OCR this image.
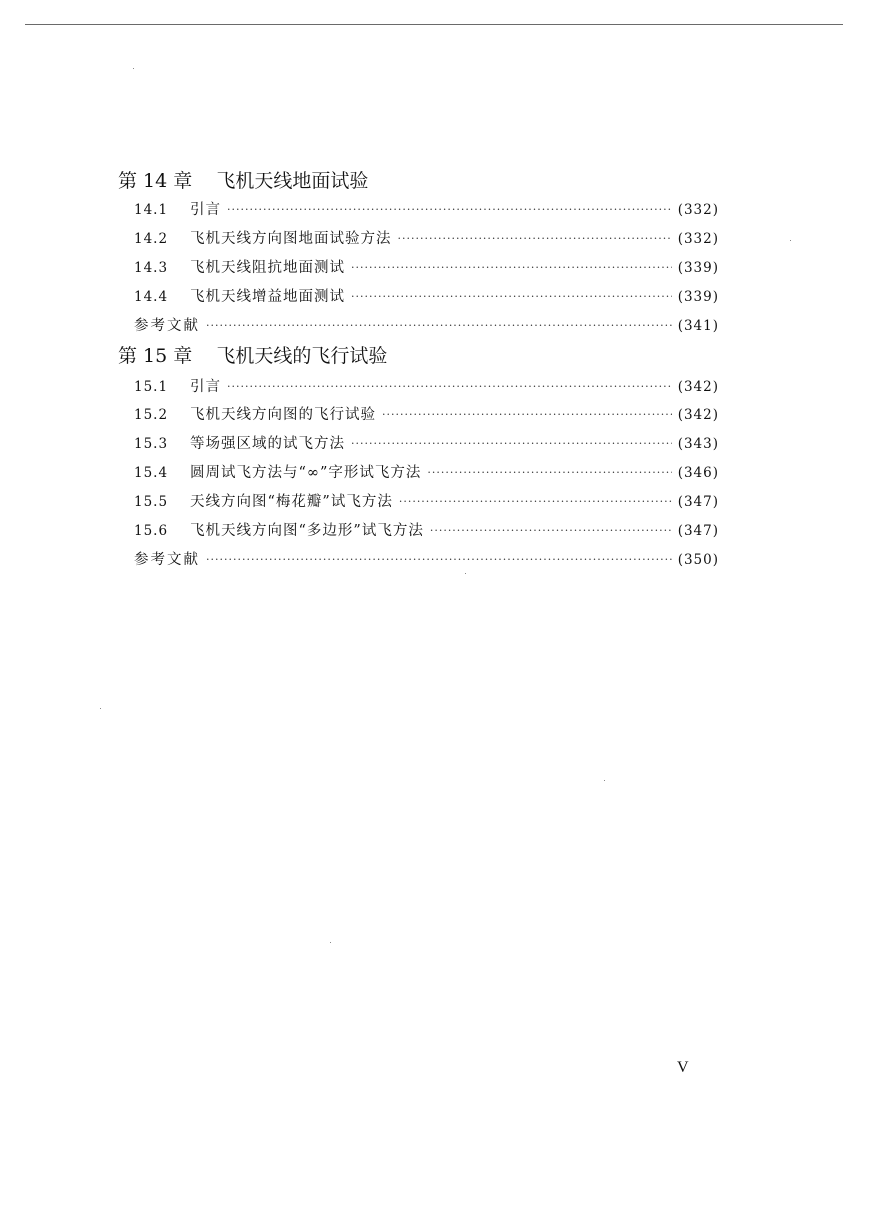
第 14 章 飞机天线地面试验
14.1	引言 ·····	(332)
14.2	飞机天线方向图地面试验方法 ·····	(332)
14.3	飞机天线阻抗地面测试 ·····	(339)
14.4	飞机天线增益地面测试 ·····	(339)
参考文献 ·····	(341)
第 15 章 飞机天线的飞行试验
15.1	引言 ·····	(342)
15.2	飞机天线方向图的飞行试验 ·····	(342)
15.3	等场强区域的试飞方法 ·····	(343)
15.4	圆周试飞方法与“∞”字形试飞方法 ·····	(346)
15.5	天线方向图“梅花瓣”试飞方法 ·····	(347)
15.6	飞机天线方向图“多边形”试飞方法 ·····	(347)
参考文献 ·····	(350)
V
